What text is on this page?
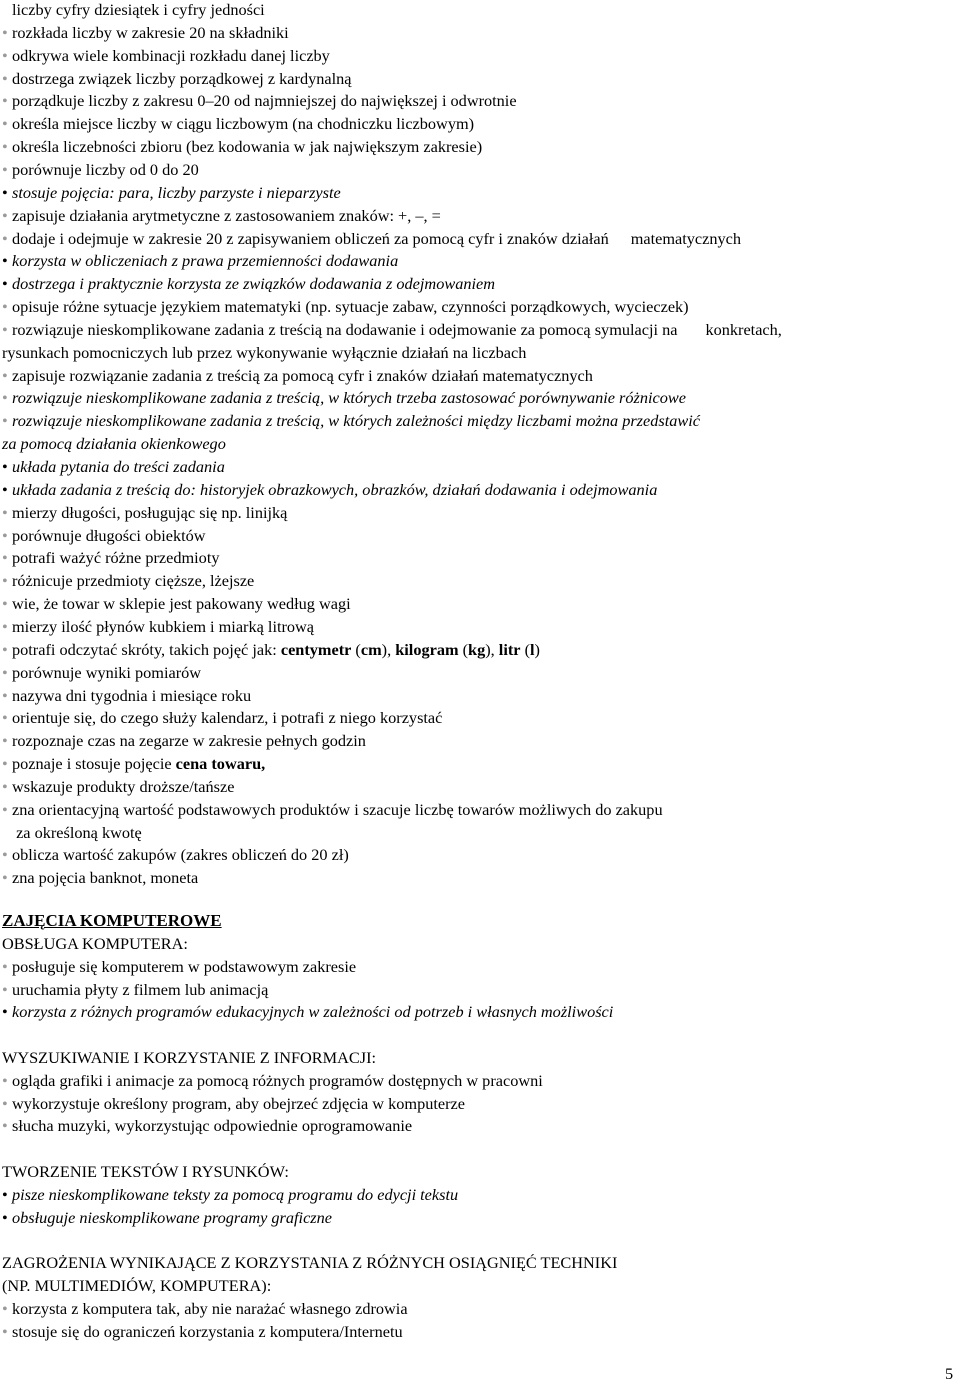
liczby cyfry dziesiątek i cyfry jedności
• rozkłada liczby w zakresie 20 na składniki
• odkrywa wiele kombinacji rozkładu danej liczby
• dostrzega związek liczby porządkowej z kardynalną
• porządkuje liczby z zakresu 0–20 od najmniejszej do największej i odwrotnie
• określa miejsce liczby w ciągu liczbowym (na chodniczku liczbowym)
• określa liczebności zbioru (bez kodowania w jak największym zakresie)
• porównuje liczby od 0 do 20
• stosuje pojęcia: para, liczby parzyste i nieparzyste
• zapisuje działania arytmetyczne z zastosowaniem znaków: +, –, =
• dodaje i odejmuje w zakresie 20 z zapisywaniem obliczeń za pomocą cyfr i znaków działań matematycznych
• korzysta w obliczeniach z prawa przemienności dodawania
• dostrzega i praktycznie korzysta ze związków dodawania z odejmowaniem
• opisuje różne sytuacje językiem matematyki (np. sytuacje zabaw, czynności porządkowych, wycieczek)
• rozwiązuje nieskomplikowane zadania z treścią na dodawanie i odejmowanie za pomocą symulacji na konkretach,
rysunkach pomocniczych lub przez wykonywanie wyłącznie działań na liczbach
• zapisuje rozwiązanie zadania z treścią za pomocą cyfr i znaków działań matematycznych
• rozwiązuje nieskomplikowane zadania z treścią, w których trzeba zastosować porównywanie różnicowe
• rozwiązuje nieskomplikowane zadania z treścią, w których zależności między liczbami można przedstawić
za pomocą działania okienkowego
• układa pytania do treści zadania
• układa zadania z treścią do: historyjek obrazkowych, obrazków, działań dodawania i odejmowania
• mierzy długości, posługując się np. linijką
• porównuje długości obiektów
• potrafi ważyć różne przedmioty
• różnicuje przedmioty cięższe, lżejsze
• wie, że towar w sklepie jest pakowany według wagi
• mierzy ilość płynów kubkiem i miarką litrową
• potrafi odczytać skróty, takich pojęć jak: centymetr (cm), kilogram (kg), litr (l)
• porównuje wyniki pomiarów
• nazywa dni tygodnia i miesiące roku
• orientuje się, do czego służy kalendarz, i potrafi z niego korzystać
• rozpoznaje czas na zegarze w zakresie pełnych godzin
• poznaje i stosuje pojęcie cena towaru,
• wskazuje produkty droższe/tańsze
• zna orientacyjną wartość podstawowych produktów i szacuje liczbę towarów możliwych do zakupu
za określoną kwotę
• oblicza wartość zakupów (zakres obliczeń do 20 zł)
• zna pojęcia banknot, moneta
ZAJĘCIA KOMPUTEROWE
OBSŁUGA KOMPUTERA:
• posługuje się komputerem w podstawowym zakresie
• uruchamia płyty z filmem lub animacją
• korzysta z różnych programów edukacyjnych w zależności od potrzeb i własnych możliwości
WYSZUKIWANIE I KORZYSTANIE Z INFORMACJI:
• ogląda grafiki i animacje za pomocą różnych programów dostępnych w pracowni
• wykorzystuje określony program, aby obejrzeć zdjęcia w komputerze
• słucha muzyki, wykorzystując odpowiednie oprogramowanie
TWORZENIE TEKSTÓW I RYSUNKÓW:
• pisze nieskomplikowane teksty za pomocą programu do edycji tekstu
• obsługuje nieskomplikowane programy graficzne
ZAGROŻENIA WYNIKAJĄCE Z KORZYSTANIA Z RÓŻNYCH OSIĄGNIĘĆ TECHNIKI
(NP. MULTIMEDIÓW, KOMPUTERA):
• korzysta z komputera tak, aby nie narażać własnego zdrowia
• stosuje się do ograniczeń korzystania z komputera/Internetu
5
